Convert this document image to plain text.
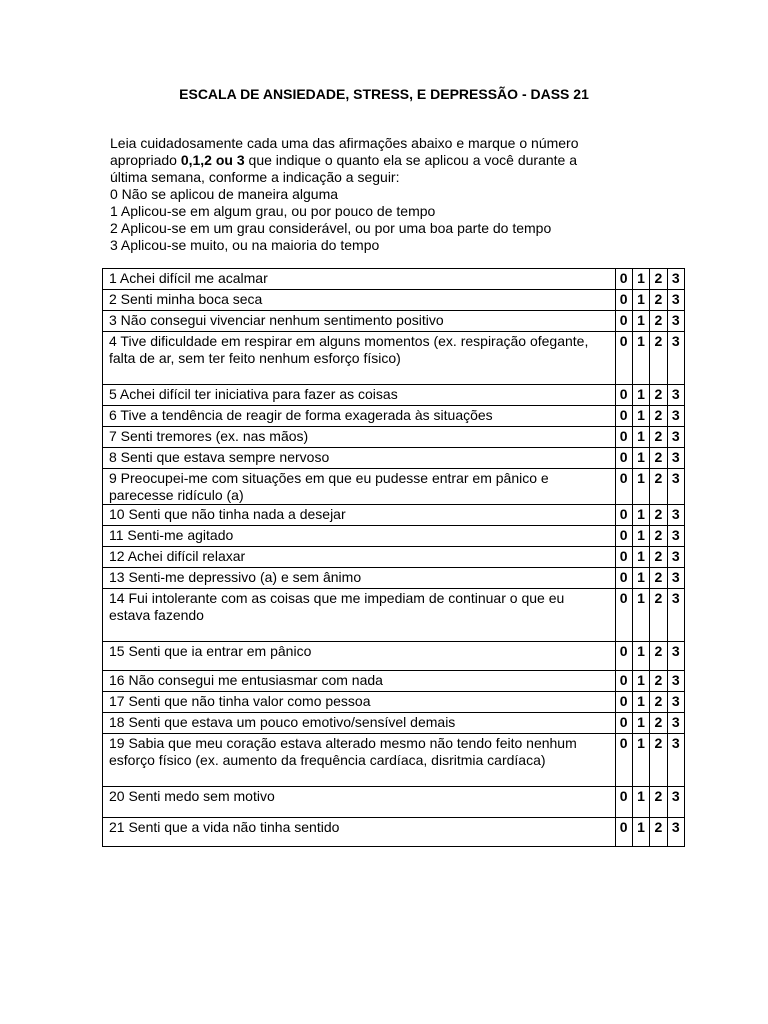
ESCALA DE ANSIEDADE, STRESS, E DEPRESSÃO - DASS 21
Leia cuidadosamente cada uma das afirmações abaixo e marque o número
apropriado 0,1,2 ou 3 que indique o quanto ela se aplicou a você durante a
última semana, conforme a indicação a seguir:
0 Não se aplicou de maneira alguma
1 Aplicou-se em algum grau, ou por pouco de tempo
2 Aplicou-se em um grau considerável, ou por uma boa parte do tempo
3 Aplicou-se muito, ou na maioria do tempo
1 Achei difícil me acalmar	0	1	2	3
2 Senti minha boca seca	0	1	2	3
3 Não consegui vivenciar nenhum sentimento positivo	0	1	2	3
4 Tive dificuldade em respirar em alguns momentos (ex. respiração ofegante, falta de ar, sem ter feito nenhum esforço físico)	0	1	2	3
5 Achei difícil ter iniciativa para fazer as coisas	0	1	2	3
6 Tive a tendência de reagir de forma exagerada às situações	0	1	2	3
7 Senti tremores (ex. nas mãos)	0	1	2	3
8 Senti que estava sempre nervoso	0	1	2	3
9 Preocupei-me com situações em que eu pudesse entrar em pânico e parecesse ridículo (a)	0	1	2	3
10 Senti que não tinha nada a desejar	0	1	2	3
11 Senti-me agitado	0	1	2	3
12 Achei difícil relaxar	0	1	2	3
13 Senti-me depressivo (a) e sem ânimo	0	1	2	3
14 Fui intolerante com as coisas que me impediam de continuar o que eu
estava fazendo	0	1	2	3
15 Senti que ia entrar em pânico	0	1	2	3
16 Não consegui me entusiasmar com nada	0	1	2	3
17 Senti que não tinha valor como pessoa	0	1	2	3
18 Senti que estava um pouco emotivo/sensível demais	0	1	2	3
19 Sabia que meu coração estava alterado mesmo não tendo feito nenhum esforço físico (ex. aumento da frequência cardíaca, disritmia cardíaca)	0	1	2	3
20 Senti medo sem motivo	0	1	2	3
21 Senti que a vida não tinha sentido	0	1	2	3
